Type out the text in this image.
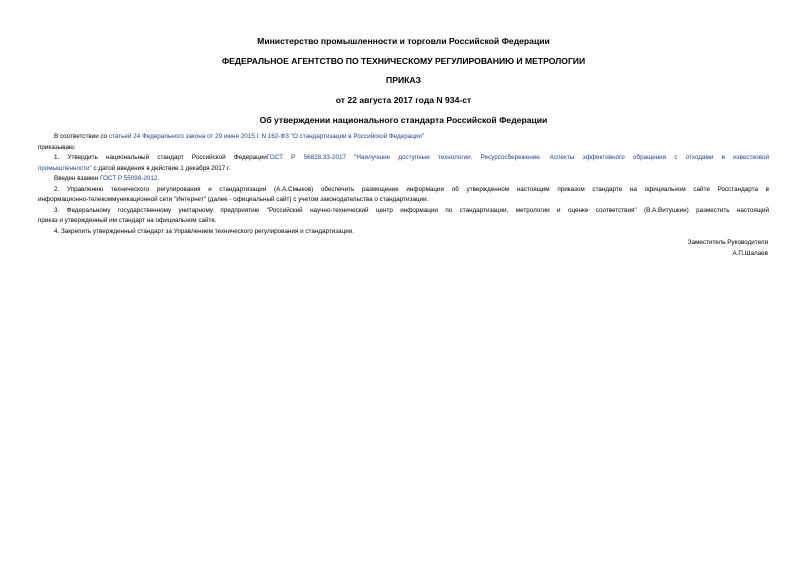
Министерство промышленности и торговли Российской Федерации
ФЕДЕРАЛЬНОЕ АГЕНТСТВО ПО ТЕХНИЧЕСКОМУ РЕГУЛИРОВАНИЮ И МЕТРОЛОГИИ
ПРИКАЗ
от 22 августа 2017 года N 934-ст
Об утверждении национального стандарта Российской Федерации
В соответствии со статьей 24 Федерального закона от 29 июня 2015 г. N 162-ФЗ "О стандартизации в Российской Федерации"
приказываю:
1. Утвердить национальный стандарт Российской ФедерацииГОСТ Р 56828.33-2017 "Наилучшие доступные технологии. Ресурсосбережение. Аспекты эффективного обращения с отходами в известковой
промышленности" с датой введения в действие 1 декабря 2017 г.
Введен взамен ГОСТ Р 55098-2012.
2. Управлению технического регулирования и стандартизации (А.А.Смыков) обеспечить размещение информации об утвержденном настоящим приказом стандарте на официальном сайте Росстандарта в
информационно-телекоммуникационной сети "Интернет" (далее - официальный сайт) с учетом законодательства о стандартизации.
3. Федеральному государственному унитарному предприятию "Российский научно-технический центр информации по стандартизации, метрологии и оценке соответствия" (В.А.Витушкин) разместить настоящий
приказ и утвержденный им стандарт на официальном сайте.
4. Закрепить утвержденный стандарт за Управлением технического регулирования и стандартизации.
Заместитель Руководителя
А.П.Шалаев
